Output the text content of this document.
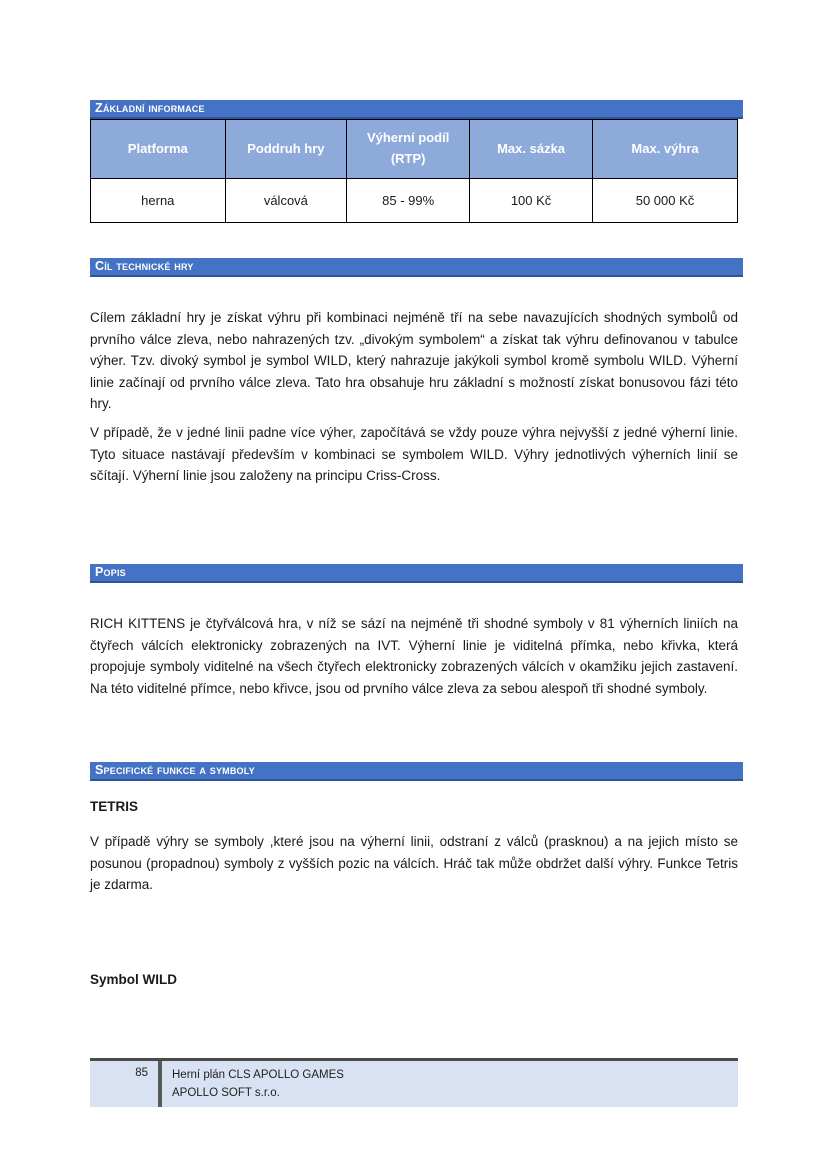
Základní informace
Platforma	Poddruh hry	Výherní podíl (RTP)	Max. sázka	Max. výhra
herna	válcová	85 - 99%	100 Kč	50 000 Kč
Cíl technické hry

Cílem základní hry je získat výhru při kombinaci nejméně tří na sebe navazujících shodných symbolů od prvního válce zleva, nebo nahrazených tzv. „divokým symbolem“ a získat tak výhru definovanou v tabulce výher. Tzv. divoký symbol je symbol WILD, který nahrazuje jakýkoli symbol kromě symbolu WILD. Výherní linie začínají od prvního válce zleva. Tato hra obsahuje hru základní s možností získat bonusovou fázi této hry.

V případě, že v jedné linii padne více výher, započítává se vždy pouze výhra nejvyšší z jedné výherní linie. Tyto situace nastávají především v kombinaci se symbolem WILD. Výhry jednotlivých výherních linií se sčítají. Výherní linie jsou založeny na principu Criss-Cross.

Popis

RICH KITTENS je čtyřválcová hra, v níž se sází na nejméně tři shodné symboly v 81 výherních liniích na čtyřech válcích elektronicky zobrazených na IVT. Výherní linie je viditelná přímka, nebo křivka, která propojuje symboly viditelné na všech čtyřech elektronicky zobrazených válcích v okamžiku jejich zastavení. Na této viditelné přímce, nebo křivce, jsou od prvního válce zleva za sebou alespoň tři shodné symboly.

Specifické funkce a symboly

TETRIS

V případě výhry se symboly ,které jsou na výherní linii, odstraní z válců (prasknou) a na jejich místo se posunou (propadnou) symboly z vyšších pozic na válcích. Hráč tak může obdržet další výhry. Funkce Tetris je zdarma.

Symbol WILD

85	Herní plán CLS APOLLO GAMES
APOLLO SOFT s.r.o.
